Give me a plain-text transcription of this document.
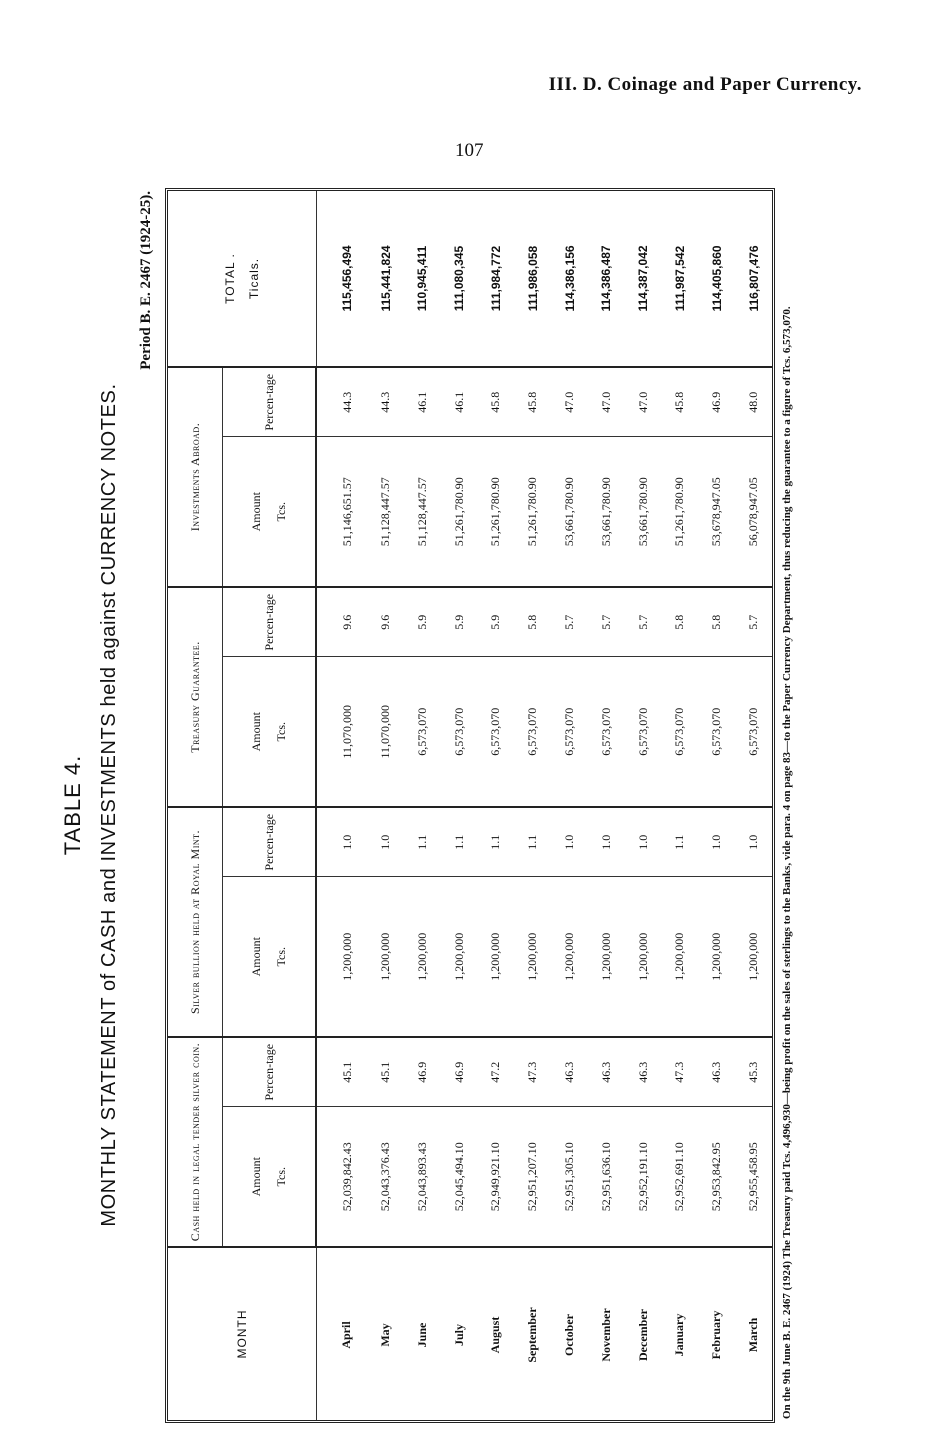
III. D. Coinage and Paper Currency.
107
TABLE 4. MONTHLY STATEMENT of CASH and INVESTMENTS held against CURRENCY NOTES.
Period B. E. 2467 (1924-25).
MONTH		Cash held in legal tender silver coin.		Silver bullion held at Royal Mint.		Treasury Guarantee.		Investments Abroad.		TOTAL . Ticals.

		Amount Tcs.	Percen-tage	Amount Tcs.	Percen-tage	Amount Tcs.	Percen-tage	Amount Tcs.	Percen-tage	
April		52,039,842.43	45.1	1,200,000	1.0	11,070,000	9.6	51,146,651.57	44.3	115,456,494
May		52,043,376.43	45.1	1,200,000	1.0	11,070,000	9.6	51,128,447.57	44.3	115,441,824
June		52,043,893.43	46.9	1,200,000	1.1	6,573,070	5.9	51,128,447.57	46.1	110,945,411
July		52,045,494.10	46.9	1,200,000	1.1	6,573,070	5.9	51,261,780.90	46.1	111,080,345
August		52,949,921.10	47.2	1,200,000	1.1	6,573,070	5.9	51,261,780.90	45.8	111,984,772
September		52,951,207.10	47.3	1,200,000	1.1	6,573,070	5.8	51,261,780.90	45.8	111,986,058
October		52,951,305.10	46.3	1,200,000	1.0	6,573,070	5.7	53,661,780.90	47.0	114,386,156
November		52,951,636.10	46.3	1,200,000	1.0	6,573,070	5.7	53,661,780.90	47.0	114,386,487
December		52,952,191.10	46.3	1,200,000	1.0	6,573,070	5.7	53,661,780.90	47.0	114,387,042
January		52,952,691.10	47.3	1,200,000	1.1	6,573,070	5.8	51,261,780.90	45.8	111,987,542
February		52,953,842.95	46.3	1,200,000	1.0	6,573,070	5.8	53,678,947.05	46.9	114,405,860
March		52,955,458.95	45.3	1,200,000	1.0	6,573,070	5.7	56,078,947.05	48.0	116,807,476
On the 9th June B. E. 2467 (1924) The Treasury paid Tcs. 4,496,930—being profit on the sales of sterlings to the Banks, vide para. 4 on page 83—to the Paper Currency Department, thus reducing the guarantee to a figure of Tcs. 6,573,070.
